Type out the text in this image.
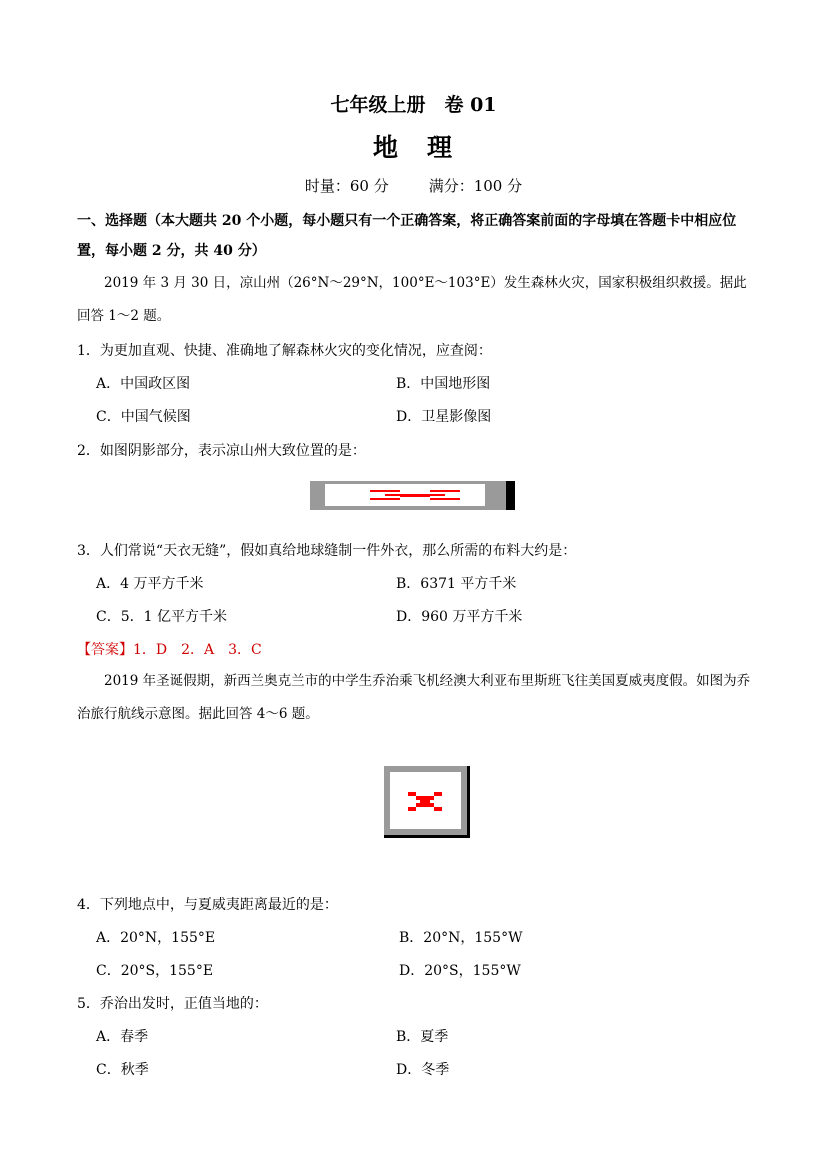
七年级上册　卷 01
地　理
时量：60 分	满分：100 分
一、选择题（本大题共 20 个小题，每小题只有一个正确答案，将正确答案前面的字母填在答题卡中相应位
置，每小题 2 分，共 40 分）
2019 年 3 月 30 日，凉山州（26°N～29°N，100°E～103°E）发生森林火灾，国家积极组织救援。据此回答 1～2 题。
1．为更加直观、快捷、准确地了解森林火灾的变化情况，应查阅：
A．中国政区图	B．中国地形图
C．中国气候图	D．卫星影像图
2．如图阴影部分，表示凉山州大致位置的是：
3．人们常说“天衣无缝”，假如真给地球缝制一件外衣，那么所需的布料大约是：
A．4 万平方千米	B．6371 平方千米
C．5．1 亿平方千米	D．960 万平方千米
【答案】1．D　2．A　3．C
2019 年圣诞假期，新西兰奥克兰市的中学生乔治乘飞机经澳大利亚布里斯班飞往美国夏威夷度假。如图为乔治旅行航线示意图。据此回答 4～6 题。
4．下列地点中，与夏威夷距离最近的是：
A．20°N，155°E	B．20°N，155°W
C．20°S，155°E	D．20°S，155°W
5．乔治出发时，正值当地的：
A．春季	B．夏季
C．秋季	D．冬季
